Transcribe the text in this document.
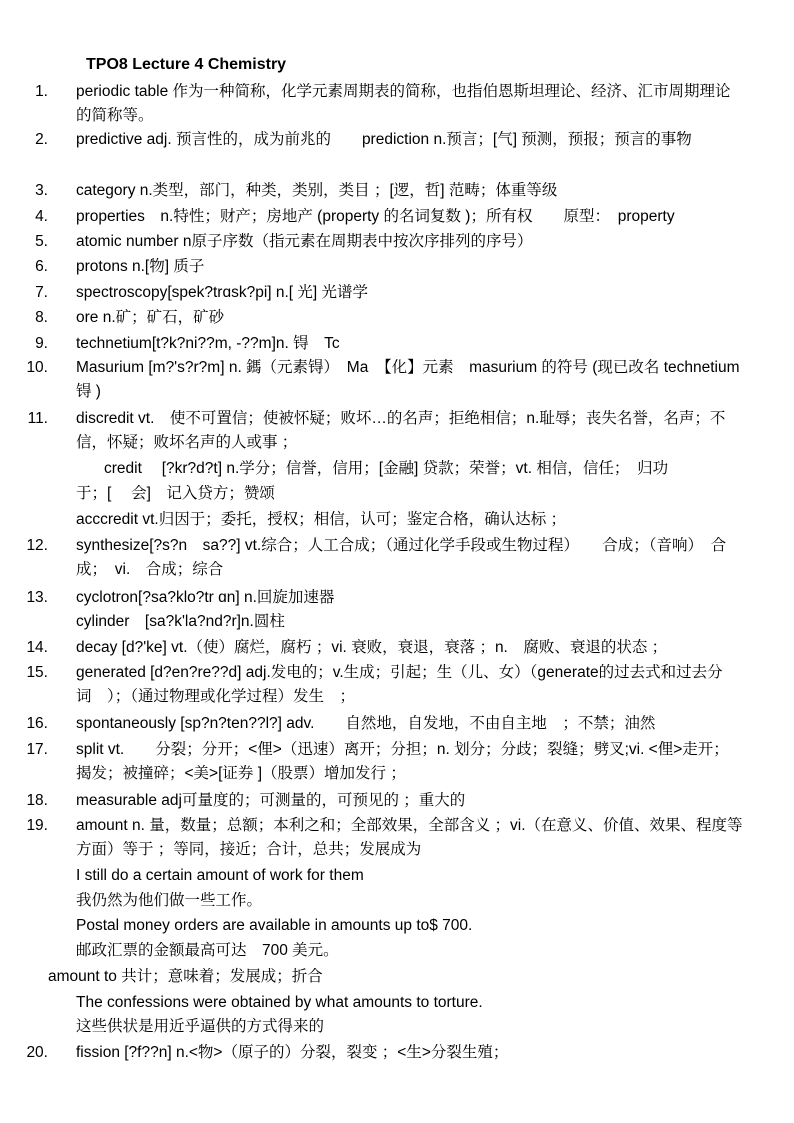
TPO8 Lecture 4 Chemistry
1. periodic table 作为一种简称，化学元素周期表的简称，也指伯恩斯坦理论、经济、汇市周期理论的简称等。
2. predictive adj. 预言性的，成为前兆的　　prediction n.预言；[气] 预测，预报；预言的事物
3. category n.类型，部门，种类，类别，类目 ；[逻，哲] 范畴；体重等级
4. properties　n.特性；财产；房地产 (property 的名词复数 )；所有权　　原型：　property
5. atomic number n原子序数（指元素在周期表中按次序排列的序号）
6. protons n.[物] 质子
7. spectroscopy[spek?trɑsk?pi] n.[ 光] 光谱学
8. ore n.矿；矿石，矿砂
9. technetium[t?k?ni??m, -??m]n. 锝　Tc
10. Masurium [m?'s?r?m] n. 鎷（元素锝）　Ma　【化】元素　masurium 的符号 (现已改名 technetium锝 )
11. discredit vt.　使不可置信；使被怀疑；败坏…的名声；拒绝相信；n.耻辱；丧失名誉，名声；不信，怀疑；败坏名声的人或事 ；
credit　 [?kr?d?t] n.学分；信誉，信用；[金融] 贷款；荣誉；vt. 相信，信任；　归功
于；[　 会]　记入贷方；赞颂
acccredit vt.归因于；委托，授权；相信，认可；鉴定合格，确认达标 ；
12. synthesize[?s?n　sa??] vt.综合；人工合成；（通过化学手段或生物过程）　　合成；（音响）　合成；　vi.　合成；综合
13. cyclotron[?sa?klo?tr ɑn] n.回旋加速器
cylinder　[sa?k'la?nd?r]n.圆柱
14. decay [d?'ke] vt.（使）腐烂，腐朽 ；vi. 衰败，衰退，衰落 ；n.　腐败、衰退的状态 ；
15. generated [d?en?re??d] adj.发电的；v.生成；引起；生（儿、女）（generate的过去式和过去分词　）；（通过物理或化学过程）发生　；
16. spontaneously [sp?n?ten??l?] adv.　　自然地，自发地，不由自主地　；不禁；油然
17. split vt.　　分裂；分开；<俚>（迅速）离开；分担；n. 划分；分歧；裂缝；劈叉;vi. <俚>走开；揭发；被撞碎；<美>[证券 ]（股票）增加发行 ；
18. measurable adj可量度的；可测量的，可预见的 ；重大的
19. amount n. 量，数量；总额；本利之和；全部效果，全部含义 ；vi.（在意义、价值、效果、程度等方面）等于 ；等同，接近；合计，总共；发展成为
I still do a certain amount of work for them
我仍然为他们做一些工作。
Postal money orders are available in amounts up to$ 700.
邮政汇票的金额最高可达　700 美元。
amount to 共计；意味着；发展成；折合
The confessions were obtained by what amounts to torture.
这些供状是用近乎逼供的方式得来的
20. fission [?f??n] n.<物>（原子的）分裂，裂变 ；<生>分裂生殖；
